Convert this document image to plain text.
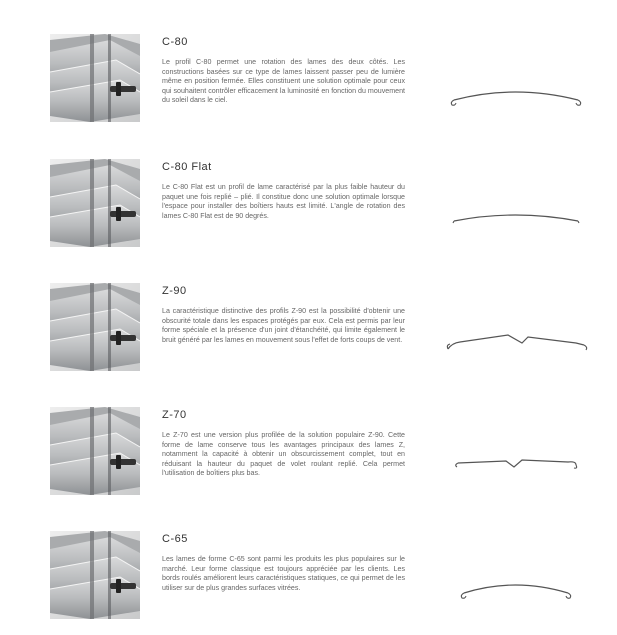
C-80
Le profil C-80 permet une rotation des lames des deux côtés. Les constructions basées sur ce type de lames laissent passer peu de lumière même en position fermée. Elles constituent une solution optimale pour ceux qui souhaitent contrôler efficacement la luminosité en fonction du mouvement du soleil dans le ciel.
C-80 Flat
Le C-80 Flat est un profil de lame caractérisé par la plus faible hauteur du paquet une fois replié – plié. Il constitue donc une solution optimale lorsque l'espace pour installer des boîtiers hauts est limité. L'angle de rotation des lames C-80 Flat est de 90 degrés.
Z-90
La caractéristique distinctive des profils Z-90 est la possibilité d'obtenir une obscurité totale dans les espaces protégés par eux. Cela est permis par leur forme spéciale et la présence d'un joint d'étanchéité, qui limite également le bruit généré par les lames en mouvement sous l'effet de forts coups de vent.
Z-70
Le Z-70 est une version plus profilée de la solution populaire Z-90. Cette forme de lame conserve tous les avantages principaux des lames Z, notamment la capacité à obtenir un obscurcissement complet, tout en réduisant la hauteur du paquet de volet roulant replié. Cela permet l'utilisation de boîtiers plus bas.
C-65
Les lames de forme C-65 sont parmi les produits les plus populaires sur le marché. Leur forme classique est toujours appréciée par les clients. Les bords roulés améliorent leurs caractéristiques statiques, ce qui permet de les utiliser sur de plus grandes surfaces vitrées.
